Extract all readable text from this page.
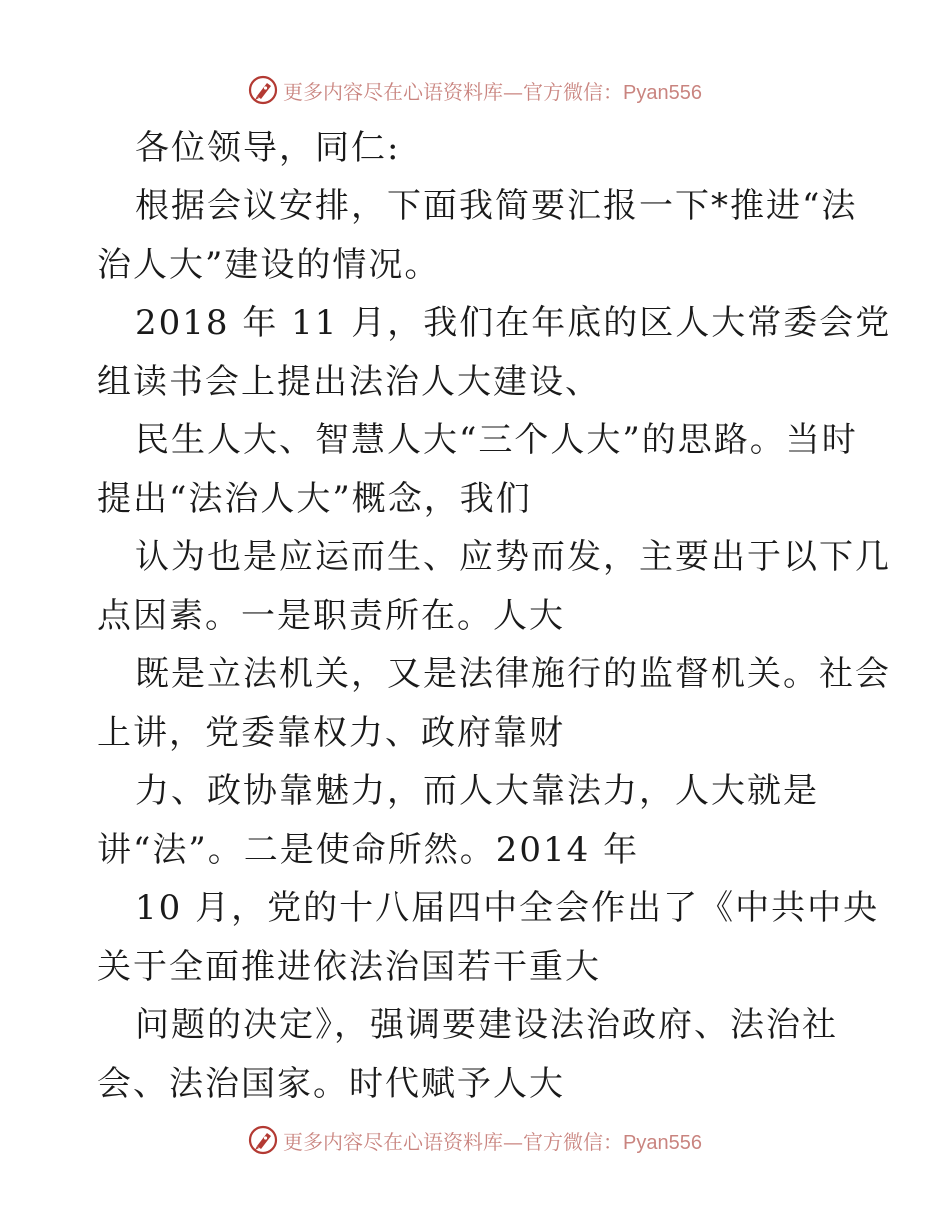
更多内容尽在心语资料库—官方微信：Pyan556
各位领导，同仁:
根据会议安排，下面我简要汇报一下*推进“法
治人大”建设的情况。
2018 年 11 月，我们在年底的区人大常委会党
组读书会上提出法治人大建设、
民生人大、智慧人大“三个人大”的思路。当时
提出“法治人大”概念，我们
认为也是应运而生、应势而发，主要出于以下几
点因素。一是职责所在。人大
既是立法机关，又是法律施行的监督机关。社会
上讲，党委靠权力、政府靠财
力、政协靠魅力，而人大靠法力，人大就是
讲“法”。二是使命所然。2014 年
10 月，党的十八届四中全会作出了《中共中央
关于全面推进依法治国若干重大
问题的决定》，强调要建设法治政府、法治社
会、法治国家。时代赋予人大
更多内容尽在心语资料库—官方微信：Pyan556
